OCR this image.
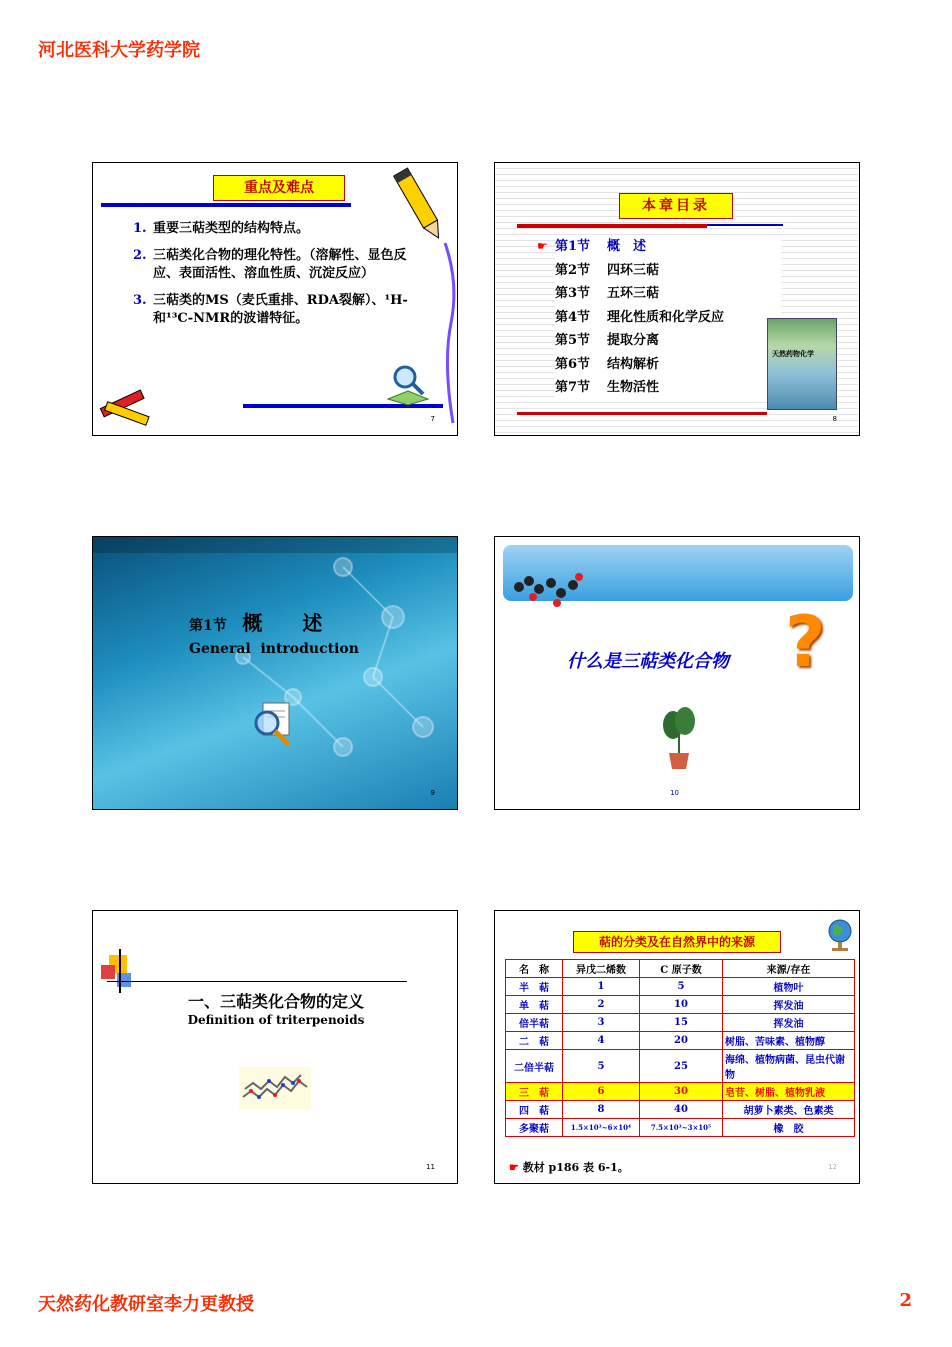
河北医科大学药学院
重点及难点
1. 重要三萜类型的结构特点。
2. 三萜类化合物的理化特性。（溶解性、显色反应、表面活性、溶血性质、沉淀反应）
3. 三萜类的MS（麦氏重排、RDA裂解）、¹H-和¹³C-NMR的波谱特征。
7
本章目录
☛ 第1节	概　述
第2节	四环三萜
第3节	五环三萜
第4节	理化性质和化学反应
第5节	提取分离
第6节	结构解析
第7节	生物活性
天然药物化学
8
第1节 概　　述
General  introduction
9
什么是三萜类化合物 ?
10
一、三萜类化合物的定义
Definition of triterpenoids
11
萜的分类及在自然界中的来源
名　称	异戊二烯数	C 原子数	来源/存在
半　萜	1	5	植物叶
单　萜	2	10	挥发油
倍半萜	3	15	挥发油
二　萜	4	20	树脂、苦味素、植物醇
二倍半萜	5	25	海绵、植物病菌、昆虫代谢物
三　萜	6	30	皂苷、树脂、植物乳液
四　萜	8	40	胡萝卜素类、色素类
多聚萜	1.5×10³~6×10⁴	7.5×10³~3×10⁵	橡　胶
☛ 教材 p186 表 6-1。	12
天然药化教研室李力更教授	2
